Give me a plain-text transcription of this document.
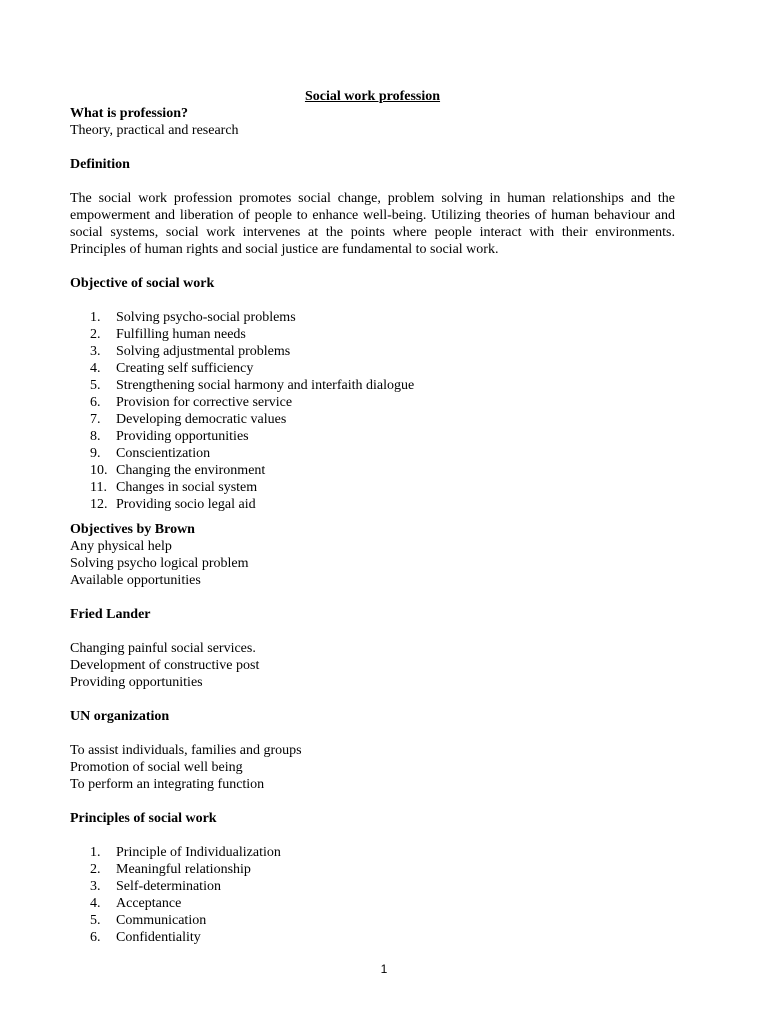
Social work profession

What is profession?

Theory, practical and research

Definition

The social work profession promotes social change, problem solving in human relationships and the empowerment and liberation of people to enhance well-being. Utilizing theories of human behaviour and social systems, social work intervenes at the points where people interact with their environments. Principles of human rights and social justice are fundamental to social work.

Objective of social work

1. Solving psycho-social problems
2. Fulfilling human needs
3. Solving adjustmental problems
4. Creating self sufficiency
5. Strengthening social harmony and interfaith dialogue
6. Provision for corrective service
7. Developing democratic values
8. Providing opportunities
9. Conscientization
10. Changing the environment
11. Changes in social system
12. Providing socio legal aid

Objectives by Brown

Any physical help

Solving psycho logical problem

Available opportunities

Fried Lander

Changing painful social services.

Development of constructive post

Providing opportunities

UN organization

To assist individuals, families and groups

Promotion of social well being

To perform an integrating function

Principles of social work

1. Principle of Individualization
2. Meaningful relationship
3. Self-determination
4. Acceptance
5. Communication
6. Confidentiality
1
